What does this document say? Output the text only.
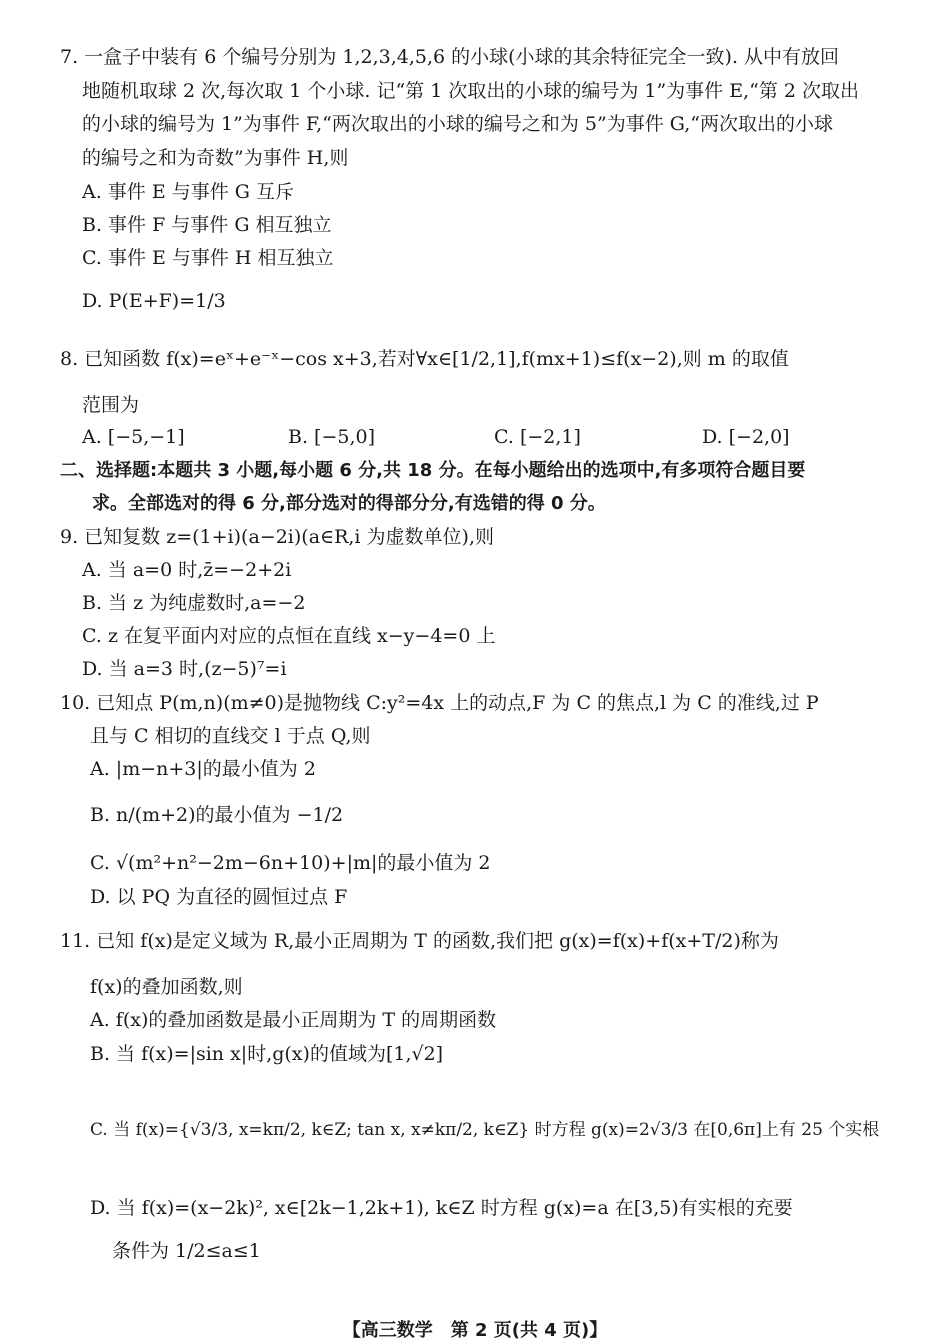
7. 一盒子中装有 6 个编号分别为 1,2,3,4,5,6 的小球(小球的其余特征完全一致). 从中有放回
地随机取球 2 次,每次取 1 个小球. 记“第 1 次取出的小球的编号为 1”为事件 E,“第 2 次取出
的小球的编号为 1”为事件 F,“两次取出的小球的编号之和为 5”为事件 G,“两次取出的小球
的编号之和为奇数”为事件 H,则
A. 事件 E 与事件 G 互斥
B. 事件 F 与事件 G 相互独立
C. 事件 E 与事件 H 相互独立
D. P(E+F)=1/3
8. 已知函数 f(x)=eˣ+e⁻ˣ−cos x+3,若对∀x∈[1/2,1],f(mx+1)≤f(x−2),则 m 的取值
范围为
A. [−5,−1]	B. [−5,0]	C. [−2,1]	D. [−2,0]
二、选择题:本题共 3 小题,每小题 6 分,共 18 分。在每小题给出的选项中,有多项符合题目要
求。全部选对的得 6 分,部分选对的得部分分,有选错的得 0 分。
9. 已知复数 z=(1+i)(a−2i)(a∈R,i 为虚数单位),则
A. 当 a=0 时,z̄=−2+2i
B. 当 z 为纯虚数时,a=−2
C. z 在复平面内对应的点恒在直线 x−y−4=0 上
D. 当 a=3 时,(z−5)⁷=i
10. 已知点 P(m,n)(m≠0)是抛物线 C:y²=4x 上的动点,F 为 C 的焦点,l 为 C 的准线,过 P
且与 C 相切的直线交 l 于点 Q,则
A. |m−n+3|的最小值为 2
B. n/(m+2)的最小值为 −1/2
C. √(m²+n²−2m−6n+10)+|m|的最小值为 2
D. 以 PQ 为直径的圆恒过点 F
11. 已知 f(x)是定义域为 R,最小正周期为 T 的函数,我们把 g(x)=f(x)+f(x+T/2)称为
f(x)的叠加函数,则
A. f(x)的叠加函数是最小正周期为 T 的周期函数
B. 当 f(x)=|sin x|时,g(x)的值域为[1,√2]
C. 当 f(x)={√3/3, x=kπ/2, k∈Z; tan x, x≠kπ/2, k∈Z} 时方程 g(x)=2√3/3 在[0,6π]上有 25 个实根
D. 当 f(x)=(x−2k)², x∈[2k−1,2k+1), k∈Z 时方程 g(x)=a 在[3,5)有实根的充要
条件为 1/2≤a≤1
【高三数学　第 2 页(共 4 页)】
